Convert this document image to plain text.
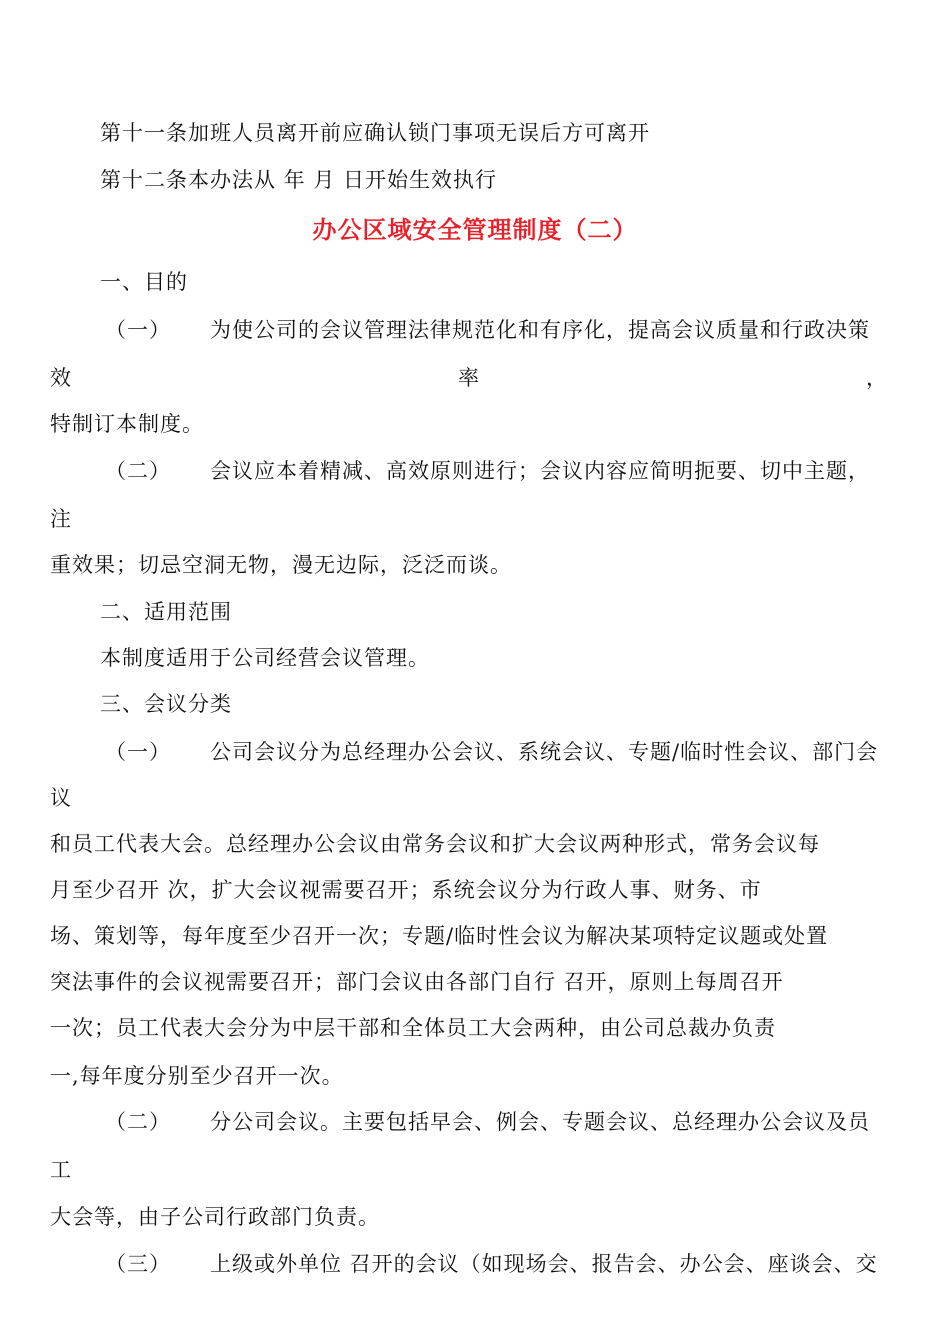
第十一条加班人员离开前应确认锁门事项无误后方可离开

第十二条本办法从 年 月 日开始生效执行

办公区域安全管理制度（二）

一、目的

（一） 为使公司的会议管理法律规范化和有序化，提高会议质量和行政决策

效	率	，

特制订本制度。

（二） 会议应本着精减、高效原则进行；会议内容应简明扼要、切中主题，

注

重效果；切忌空洞无物，漫无边际，泛泛而谈。

二、适用范围

本制度适用于公司经营会议管理。

三、会议分类

（一） 公司会议分为总经理办公会议、系统会议、专题/临时性会议、部门会

议

和员工代表大会。总经理办公会议由常务会议和扩大会议两种形式，常务会议每

月至少召开 次，扩大会议视需要召开；系统会议分为行政人事、财务、市

场、策划等，每年度至少召开一次；专题/临时性会议为解决某项特定议题或处置

突法事件的会议视需要召开；部门会议由各部门自行 召开，原则上每周召开

一次；员工代表大会分为中层干部和全体员工大会两种，由公司总裁办负责

一,每年度分别至少召开一次。

（二） 分公司会议。主要包括早会、例会、专题会议、总经理办公会议及员

工

大会等，由子公司行政部门负责。

（三） 上级或外单位 召开的会议（如现场会、报告会、办公会、座谈会、交
